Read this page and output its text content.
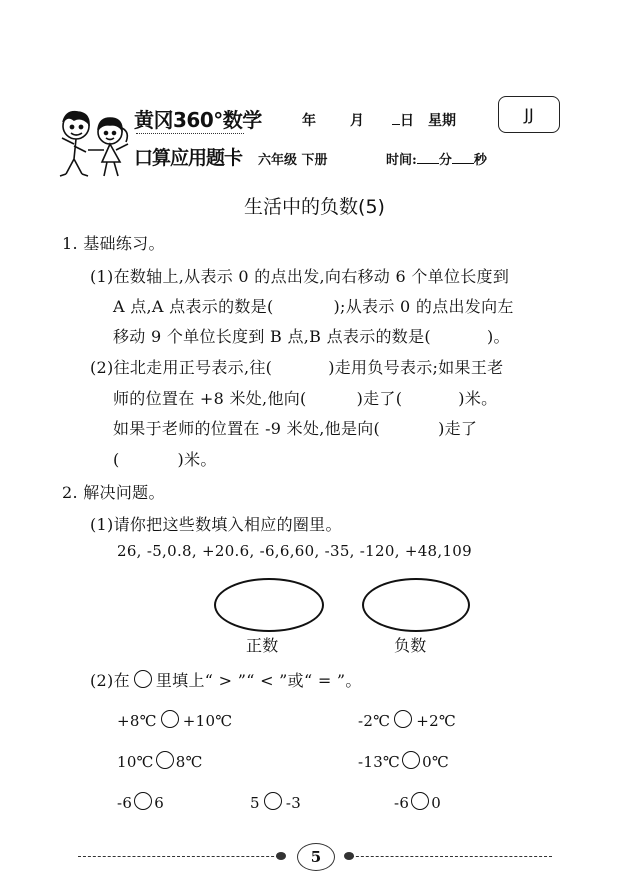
黄冈360°数学
口算应用题卡
年 月	日 星期	JJ
六年级 下册	时间: 分 秒
生活中的负数(5)
1. 基础练习。
(1)在数轴上,从表示 0 的点出发,向右移动 6 个单位长度到
A 点,A 点表示的数是(	);从表示 0 的点出发向左
移动 9 个单位长度到 B 点,B 点表示的数是(	)。
(2)往北走用正号表示,往(	)走用负号表示;如果王老
师的位置在 +8 米处,他向(	)走了(	)米。
如果于老师的位置在 -9 米处,他是向(	)走了
(	)米。
2. 解决问题。
(1)请你把这些数填入相应的圈里。
26, -5,0.8, +20.6, -6,6,60, -35, -120, +48,109
正数	负数
(2)在 里填上“ > ”“ < ”或“ = ”。
+8℃ +10℃	-2℃ +2℃
10℃ 8℃	-13℃ 0℃
-6 6	5 -3	-6 0
5
